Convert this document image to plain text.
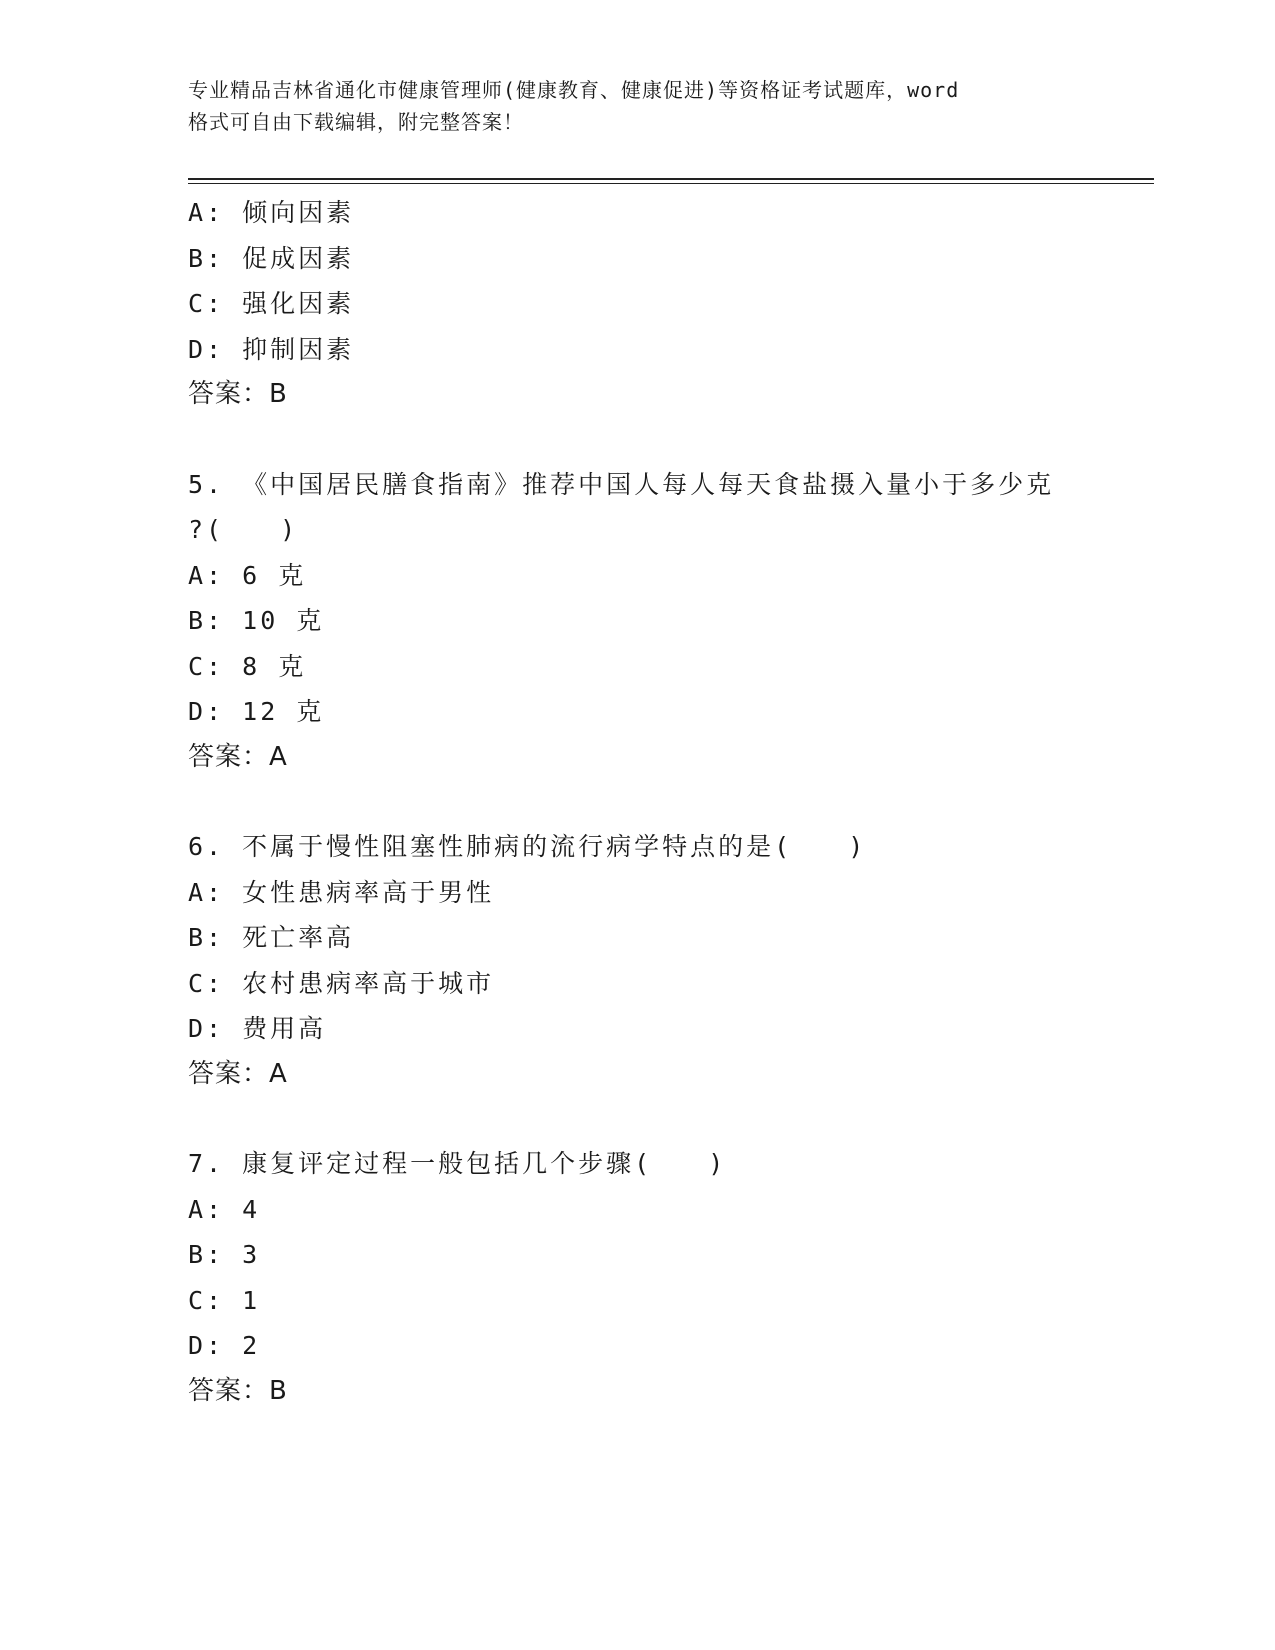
专业精品吉林省通化市健康管理师(健康教育、健康促进)等资格证考试题库，word
格式可自由下载编辑，附完整答案！
A: 倾向因素
B: 促成因素
C: 强化因素
D: 抑制因素
答案：B
5. 《中国居民膳食指南》推荐中国人每人每天食盐摄入量小于多少克
?(　　)
A: 6 克
B: 10 克
C: 8 克
D: 12 克
答案：A
6. 不属于慢性阻塞性肺病的流行病学特点的是(　　)
A: 女性患病率高于男性
B: 死亡率高
C: 农村患病率高于城市
D: 费用高
答案：A
7. 康复评定过程一般包括几个步骤(　　)
A: 4
B: 3
C: 1
D: 2
答案：B
